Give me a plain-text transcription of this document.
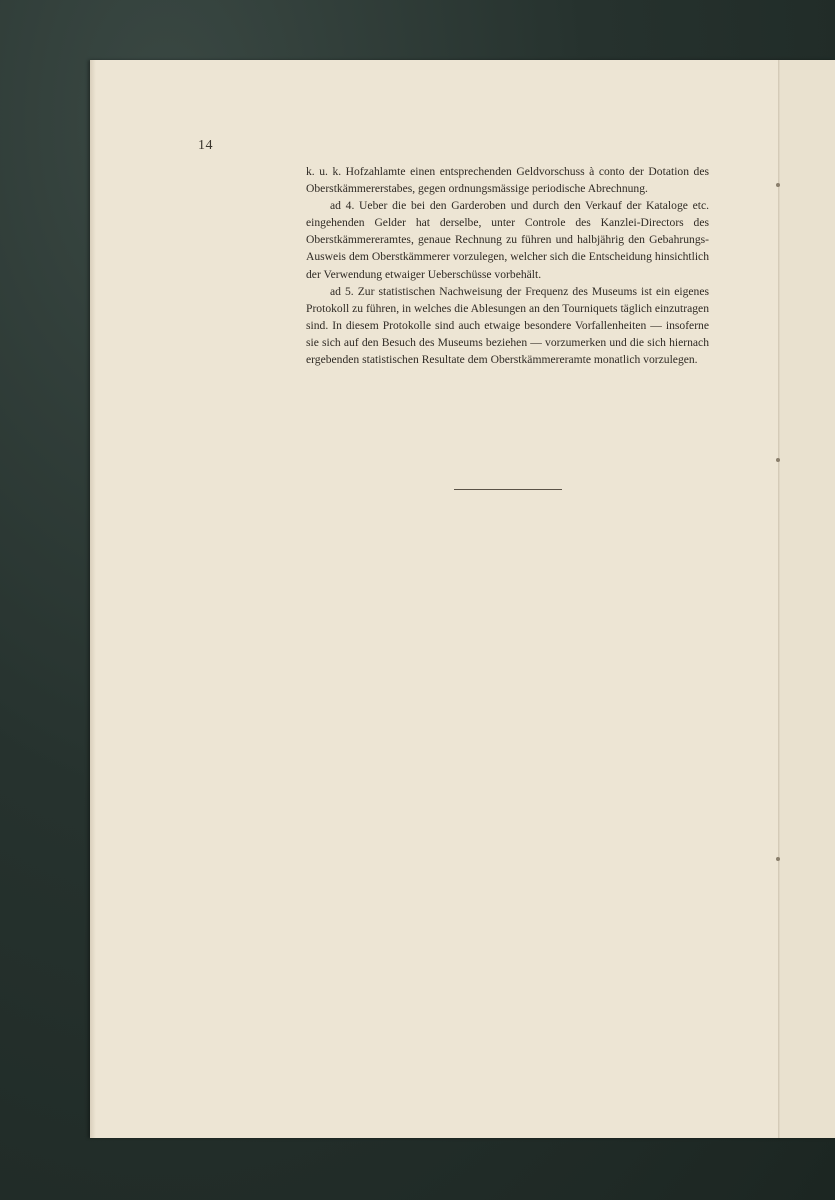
14

k. u. k. Hofzahlamte einen entsprechenden Geldvorschuss à conto der Dotation des Oberstkämmererstabes, gegen ordnungsmässige periodische Abrechnung.

ad 4. Ueber die bei den Garderoben und durch den Verkauf der Kataloge etc. eingehenden Gelder hat derselbe, unter Controle des Kanzlei-Directors des Oberstkämmereramtes, genaue Rechnung zu führen und halbjährig den Gebahrungs-Ausweis dem Oberstkämmerer vorzulegen, welcher sich die Entscheidung hinsichtlich der Verwendung etwaiger Ueberschüsse vorbehält.

ad 5. Zur statistischen Nachweisung der Frequenz des Museums ist ein eigenes Protokoll zu führen, in welches die Ablesungen an den Tourniquets täglich einzutragen sind. In diesem Protokolle sind auch etwaige besondere Vorfallenheiten — insoferne sie sich auf den Besuch des Museums beziehen — vorzumerken und die sich hiernach ergebenden statistischen Resultate dem Oberstkämmereramte monatlich vorzulegen.
